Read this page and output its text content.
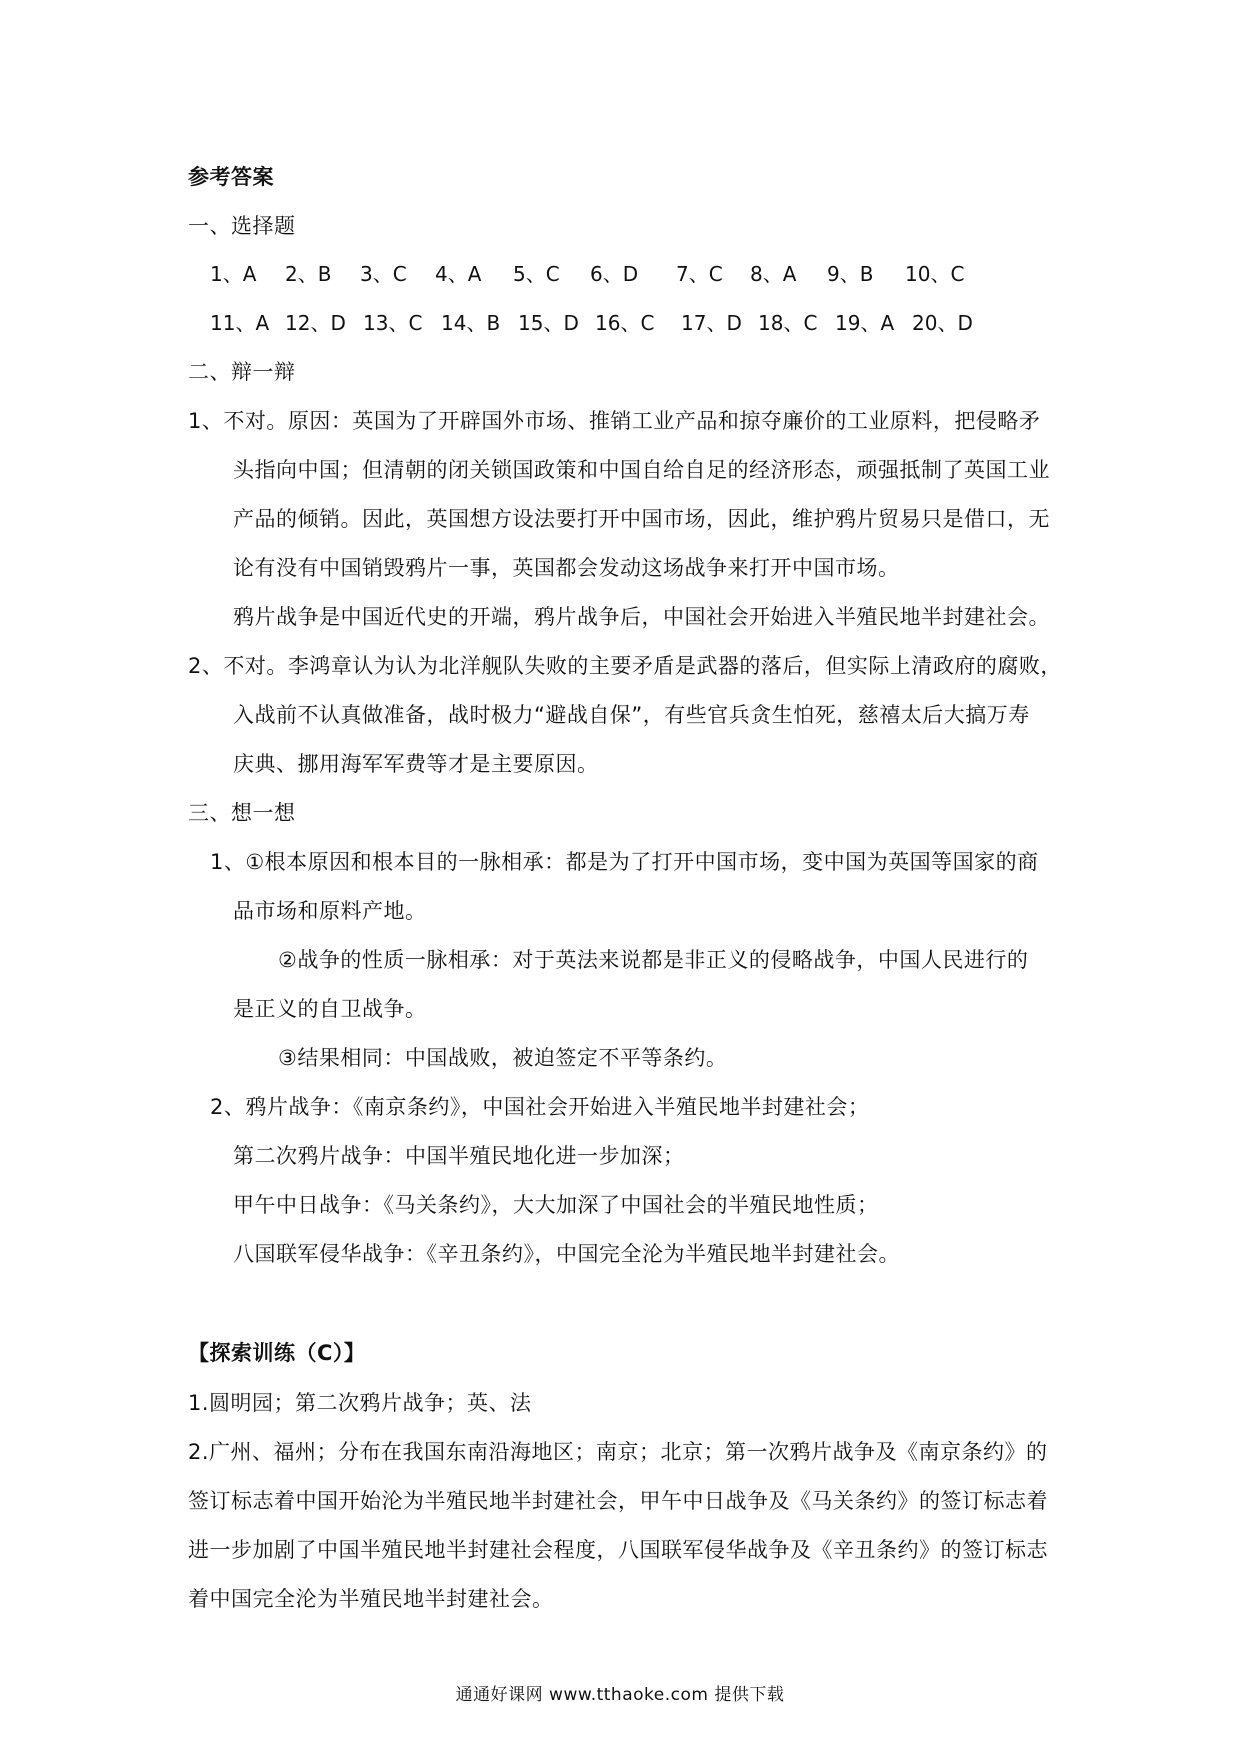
参考答案
一、选择题
1、A 2、B 3、C 4、A 5、C 6、D 7、C 8、A 9、B 10、C
11、A 12、D 13、C 14、B 15、D 16、C 17、D 18、C 19、A 20、D
二、辩一辩
1、不对。原因：英国为了开辟国外市场、推销工业产品和掠夺廉价的工业原料，把侵略矛
头指向中国；但清朝的闭关锁国政策和中国自给自足的经济形态，顽强抵制了英国工业
产品的倾销。因此，英国想方设法要打开中国市场，因此，维护鸦片贸易只是借口，无
论有没有中国销毁鸦片一事，英国都会发动这场战争来打开中国市场。
鸦片战争是中国近代史的开端，鸦片战争后，中国社会开始进入半殖民地半封建社会。
2、不对。李鸿章认为认为北洋舰队失败的主要矛盾是武器的落后，但实际上清政府的腐败，
入战前不认真做准备，战时极力“避战自保”，有些官兵贪生怕死，慈禧太后大搞万寿
庆典、挪用海军军费等才是主要原因。
三、想一想
1、①根本原因和根本目的一脉相承：都是为了打开中国市场，变中国为英国等国家的商
品市场和原料产地。
②战争的性质一脉相承：对于英法来说都是非正义的侵略战争，中国人民进行的
是正义的自卫战争。
③结果相同：中国战败，被迫签定不平等条约。
2、鸦片战争：《南京条约》，中国社会开始进入半殖民地半封建社会；
第二次鸦片战争：中国半殖民地化进一步加深；
甲午中日战争：《马关条约》，大大加深了中国社会的半殖民地性质；
八国联军侵华战争：《辛丑条约》，中国完全沦为半殖民地半封建社会。
【探索训练（C）】
1.圆明园；第二次鸦片战争；英、法
2.广州、福州；分布在我国东南沿海地区；南京；北京；第一次鸦片战争及《南京条约》的
签订标志着中国开始沦为半殖民地半封建社会，甲午中日战争及《马关条约》的签订标志着
进一步加剧了中国半殖民地半封建社会程度，八国联军侵华战争及《辛丑条约》的签订标志
着中国完全沦为半殖民地半封建社会。
通通好课网 www.tthaoke.com 提供下载
